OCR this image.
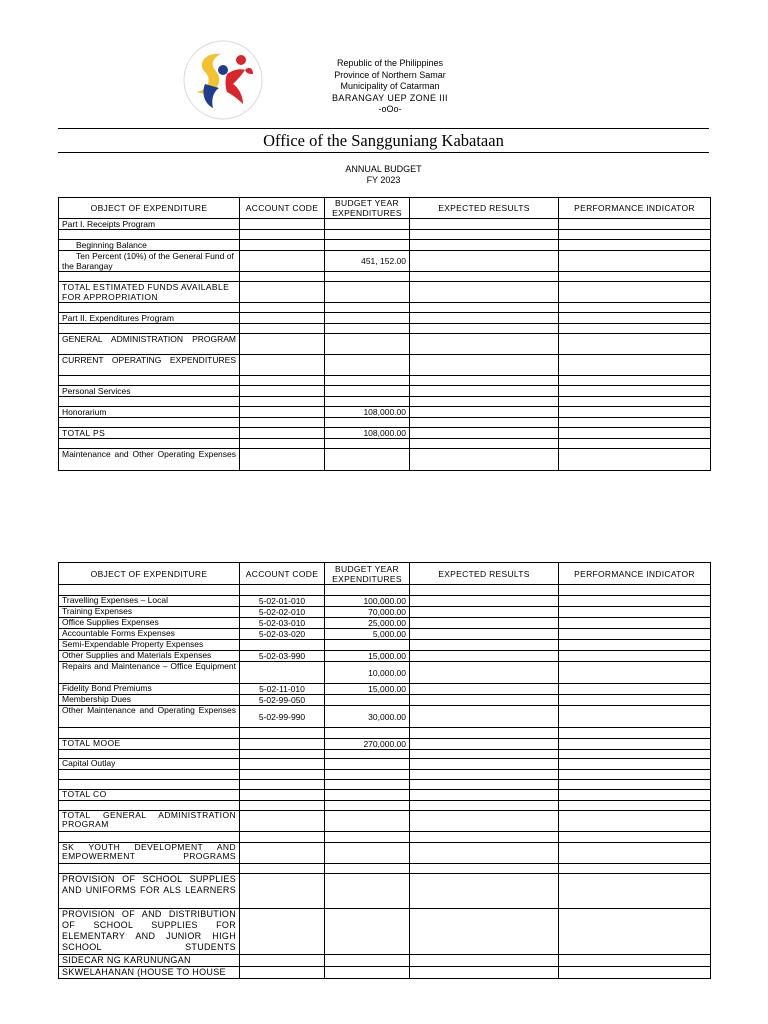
Republic of the Philippines
Province of Northern Samar
Municipality of Catarman
BARANGAY UEP ZONE III
-oOo-
Office of the Sangguniang Kabataan
ANNUAL BUDGET
FY 2023
OBJECT OF EXPENDITURE	ACCOUNT CODE	BUDGET YEAR EXPENDITURES	EXPECTED RESULTS	PERFORMANCE INDICATOR
Part I. Receipts Program				

Beginning Balance				
Ten Percent (10%) of the General Fund of the Barangay		451, 152.00		

TOTAL ESTIMATED FUNDS AVAILABLE FOR APPROPRIATION				

Part II. Expenditures Program				

GENERAL ADMINISTRATION PROGRAM				
CURRENT OPERATING EXPENDITURES				

Personal Services				

Honorarium		108,000.00		

TOTAL PS		108,000.00		

Maintenance and Other Operating Expenses				
OBJECT OF EXPENDITURE	ACCOUNT CODE	BUDGET YEAR EXPENDITURES	EXPECTED RESULTS	PERFORMANCE INDICATOR

Travelling Expenses – Local	5-02-01-010	100,000.00		
Training Expenses	5-02-02-010	70,000.00		
Office Supplies Expenses	5-02-03-010	25,000.00		
Accountable Forms Expenses	5-02-03-020	5,000.00		
Semi-Expendable Property Expenses				
Other Supplies and Materials Expenses	5-02-03-990	15,000.00		
Repairs and Maintenance – Office Equipment		10,000.00		
Fidelity Bond Premiums	5-02-11-010	15,000.00		
Membership Dues	5-02-99-050			
Other Maintenance and Operating Expenses	5-02-99-990	30,000.00		

TOTAL MOOE		270,000.00		

Capital Outlay				

TOTAL CO				

TOTAL GENERAL ADMINISTRATION PROGRAM				

SK YOUTH DEVELOPMENT AND EMPOWERMENT PROGRAMS				

PROVISION OF SCHOOL SUPPLIES AND UNIFORMS FOR ALS LEARNERS				
PROVISION OF AND DISTRIBUTION OF SCHOOL SUPPLIES FOR ELEMENTARY AND JUNIOR HIGH SCHOOL STUDENTS				
SIDECAR NG KARUNUNGAN				
SKWELAHANAN (HOUSE TO HOUSE				
